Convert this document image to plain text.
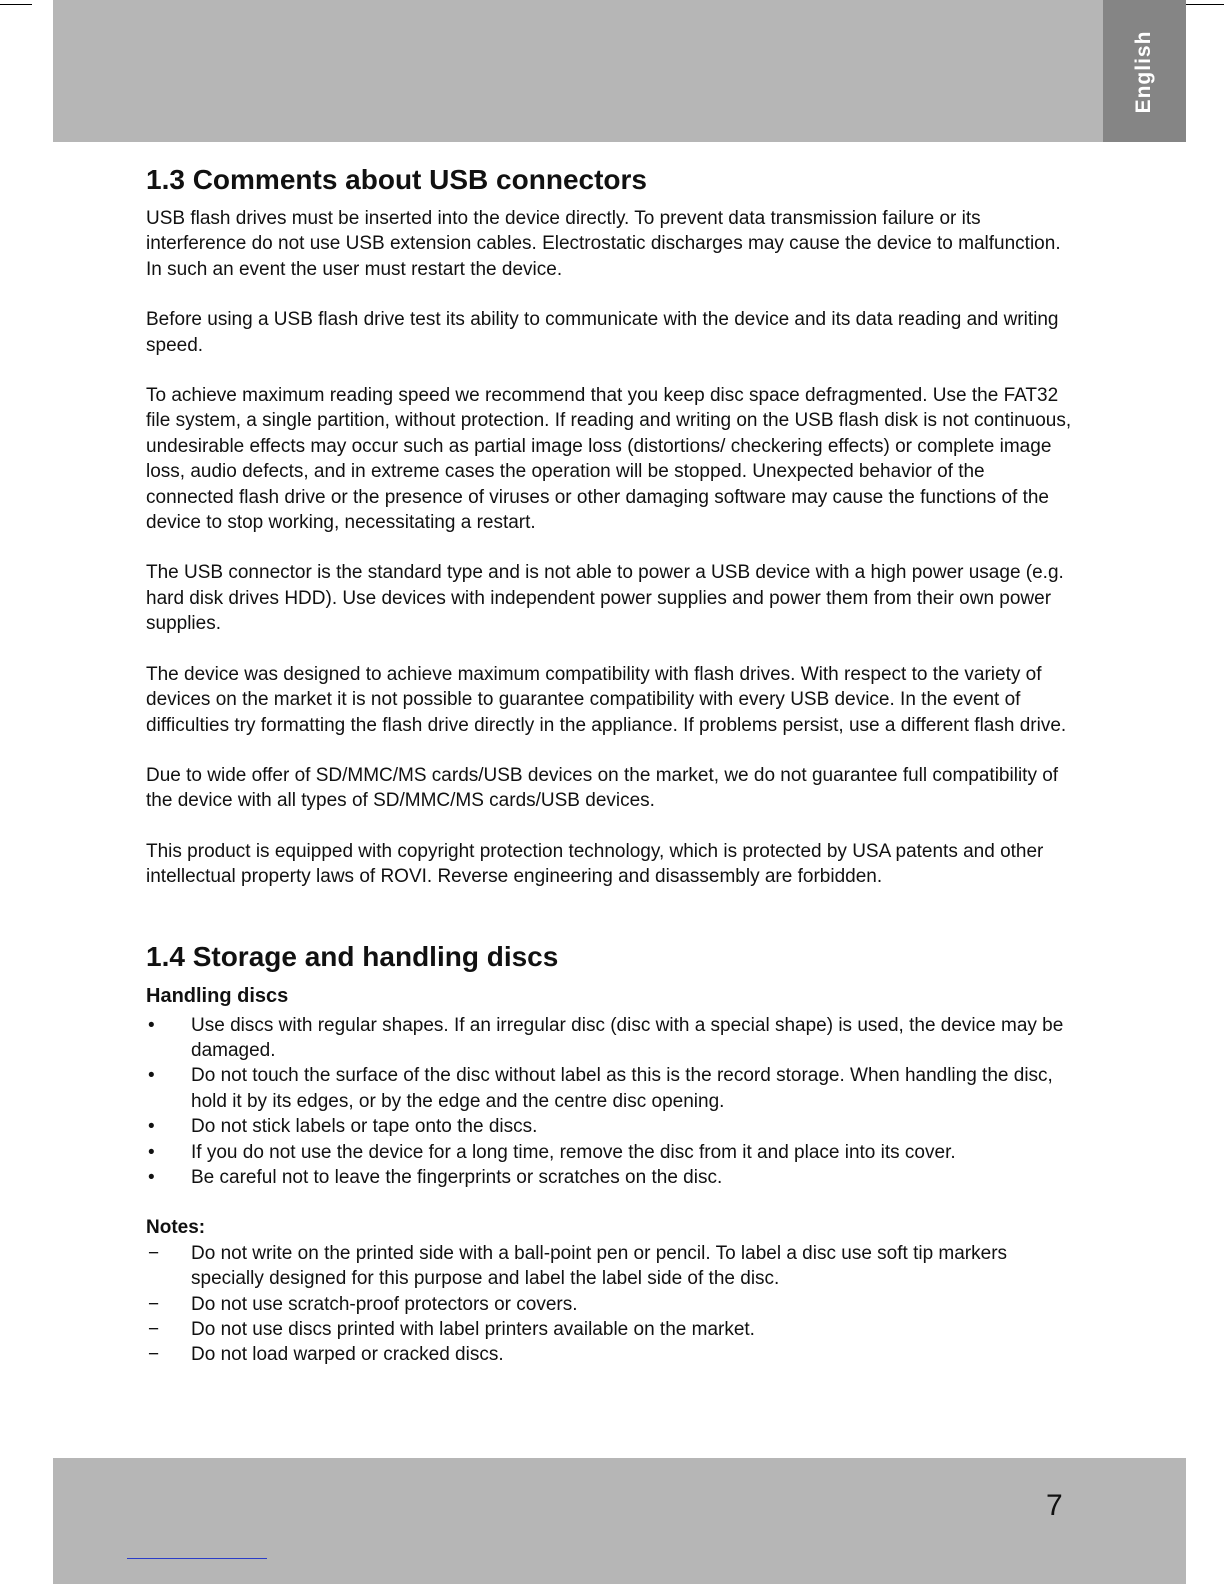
English
1.3 Comments about USB connectors

USB flash drives must be inserted into the device directly. To prevent data transmission failure or its interference do not use USB extension cables. Electrostatic discharges may cause the device to malfunction. In such an event the user must restart the device.

Before using a USB flash drive test its ability to communicate with the device and its data reading and writing speed.

To achieve maximum reading speed we recommend that you keep disc space defragmented. Use the FAT32 file system, a single partition, without protection. If reading and writing on the USB flash disk is not continuous, undesirable effects may occur such as partial image loss (distortions/ checkering effects) or complete image loss, audio defects, and in extreme cases the operation will be stopped. Unexpected behavior of the connected flash drive or the presence of viruses or other damaging software may cause the functions of the device to stop working, necessitating a restart.

The USB connector is the standard type and is not able to power a USB device with a high power usage (e.g. hard disk drives HDD). Use devices with independent power supplies and power them from their own power supplies.

The device was designed to achieve maximum compatibility with flash drives. With respect to the variety of devices on the market it is not possible to guarantee compatibility with every USB device. In the event of difficulties try formatting the flash drive directly in the appliance. If problems persist, use a different flash drive.

Due to wide offer of SD/MMC/MS cards/USB devices on the market, we do not guarantee full compatibility of the device with all types of SD/MMC/MS cards/USB devices.

This product is equipped with copyright protection technology, which is protected by USA patents and other intellectual property laws of ROVI. Reverse engineering and disassembly are forbidden.

1.4 Storage and handling discs
Handling discs
•	Use discs with regular shapes. If an irregular disc (disc with a special shape) is used, the device may be damaged.
•	Do not touch the surface of the disc without label as this is the record storage. When handling the disc, hold it by its edges, or by the edge and the centre disc opening.
•	Do not stick labels or tape onto the discs.
•	If you do not use the device for a long time, remove the disc from it and place into its cover.
•	Be careful not to leave the fingerprints or scratches on the disc.
Notes:
−	Do not write on the printed side with a ball-point pen or pencil. To label a disc use soft tip markers specially designed for this purpose and label the label side of the disc.
−	Do not use scratch-proof protectors or covers.
−	Do not use discs printed with label printers available on the market.
−	Do not load warped or cracked discs.
7
